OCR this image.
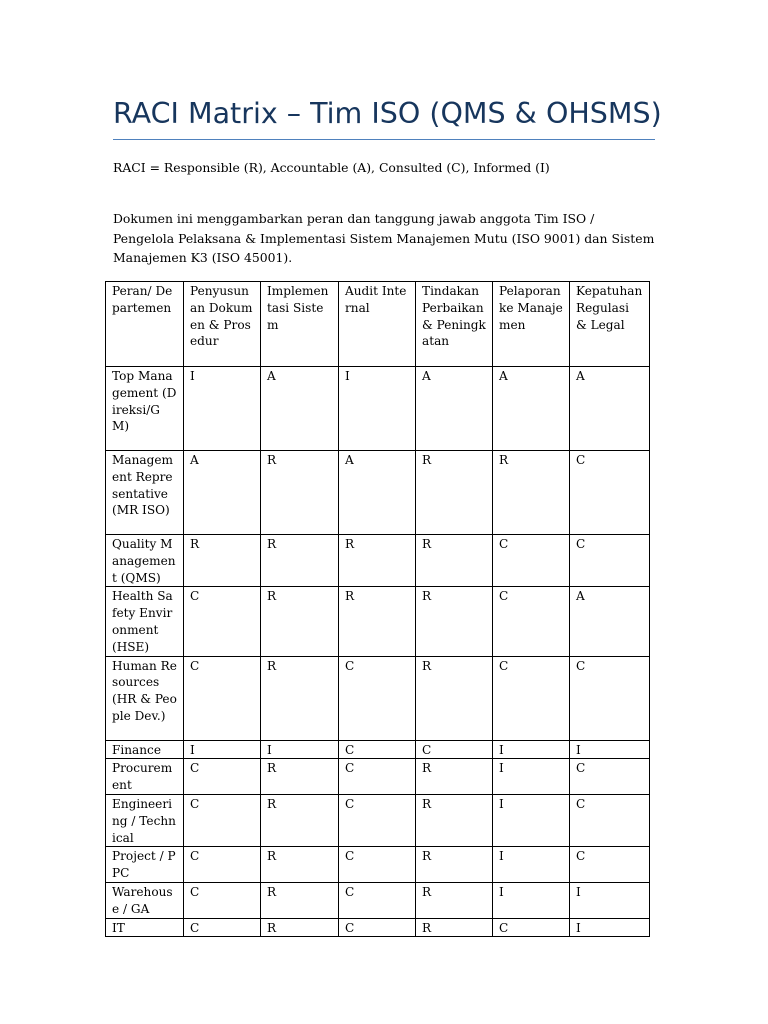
RACI Matrix – Tim ISO (QMS & OHSMS)

RACI = Responsible (R), Accountable (A), Consulted (C), Informed (I)

Dokumen ini menggambarkan peran dan tanggung jawab anggota Tim ISO / Pengelola Pelaksana & Implementasi Sistem Manajemen Mutu (ISO 9001) dan Sistem Manajemen K3 (ISO 45001).

Peran/ Departemen	Penyusunan Dokumen & Prosedur	Implementasi Sistem	Audit Internal	Tindakan Perbaikan & Peningkatan	Pelaporan ke Manajemen	Kepatuhan Regulasi & Legal
Top Management (Direksi/GM)	I	A	I	A	A	A
Management Representative (MR ISO)	A	R	A	R	R	C
Quality Management (QMS)	R	R	R	R	C	C
Health Safety Environment (HSE)	C	R	R	R	C	A
Human Resources (HR & People Dev.)	C	R	C	R	C	C
Finance	I	I	C	C	I	I
Procurement	C	R	C	R	I	C
Engineering / Technical	C	R	C	R	I	C
Project / PPC	C	R	C	R	I	C
Warehouse / GA	C	R	C	R	I	I
IT	C	R	C	R	C	I
